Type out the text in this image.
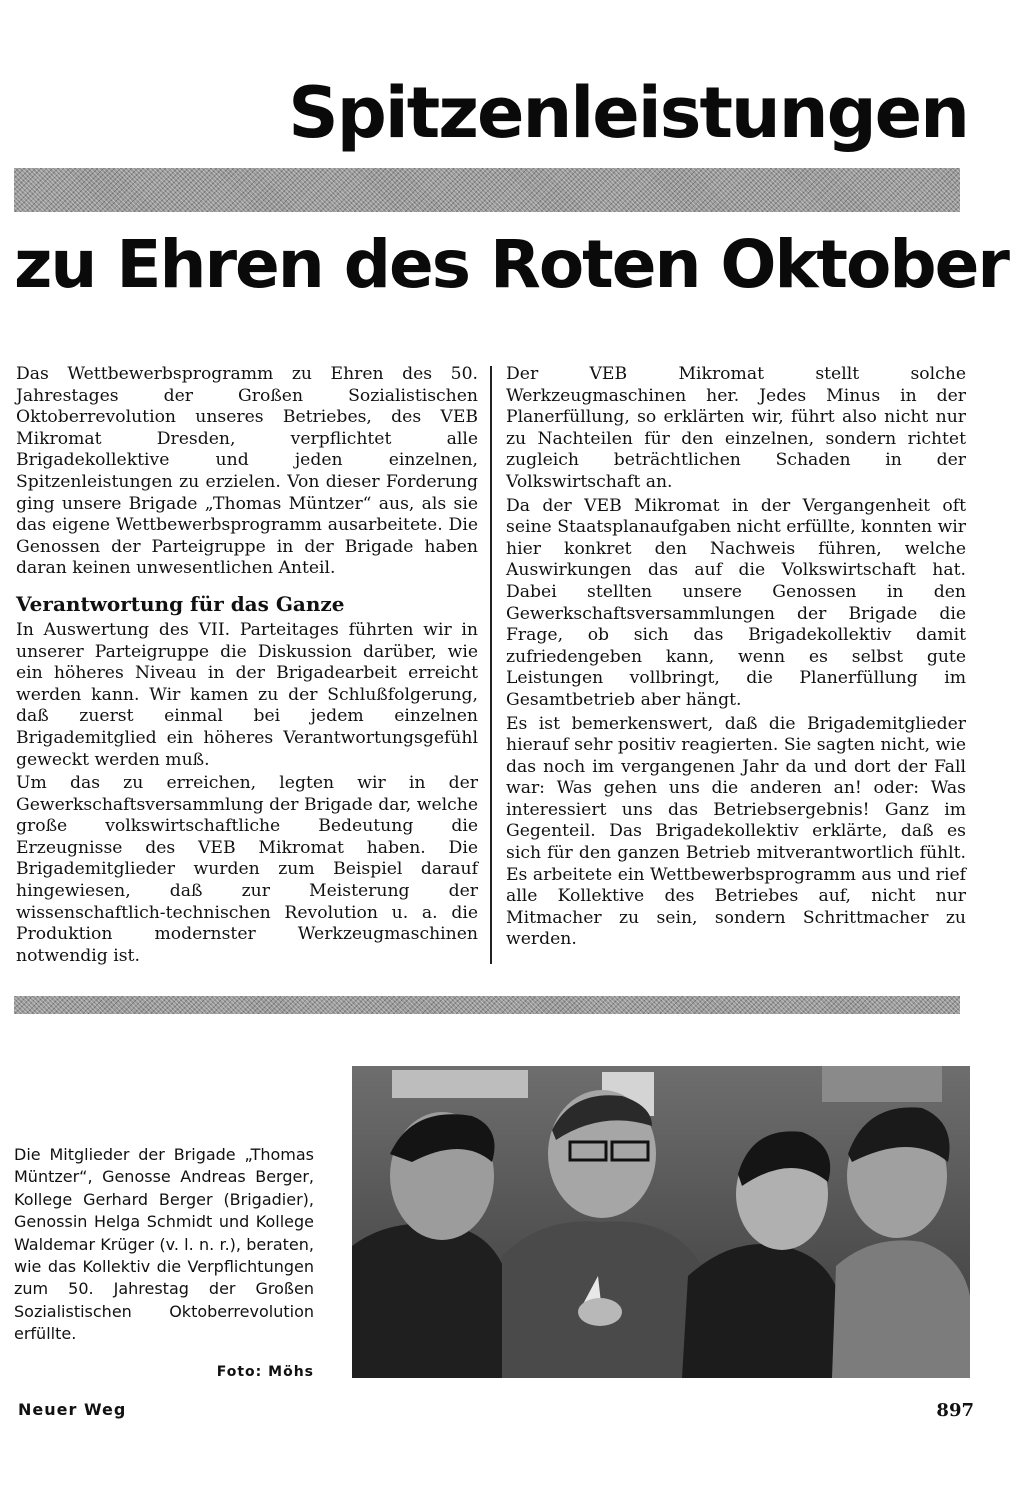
Spitzenleistungen
zu Ehren des Roten Oktober

Das Wettbewerbsprogramm zu Ehren des 50. Jahrestages der Großen Sozialistischen Oktoberrevolution unseres Betriebes, des VEB Mikromat Dresden, verpflichtet alle Brigadekollektive und jeden einzelnen, Spitzenleistungen zu erzielen. Von dieser Forderung ging unsere Brigade „Thomas Müntzer“ aus, als sie das eigene Wettbewerbsprogramm ausarbeitete. Die Genossen der Parteigruppe in der Brigade haben daran keinen unwesentlichen Anteil.

Verantwortung für das Ganze

In Auswertung des VII. Parteitages führten wir in unserer Parteigruppe die Diskussion darüber, wie ein höheres Niveau in der Brigadearbeit erreicht werden kann. Wir kamen zu der Schlußfolgerung, daß zuerst einmal bei jedem einzelnen Brigademitglied ein höheres Verantwortungsgefühl geweckt werden muß.

Um das zu erreichen, legten wir in der Gewerkschaftsversammlung der Brigade dar, welche große volkswirtschaftliche Bedeutung die Erzeugnisse des VEB Mikromat haben. Die Brigademitglieder wurden zum Beispiel darauf hingewiesen, daß zur Meisterung der wissenschaftlich-technischen Revolution u. a. die Produktion modernster Werkzeugmaschinen notwendig ist.

Der VEB Mikromat stellt solche Werkzeugmaschinen her. Jedes Minus in der Planerfüllung, so erklärten wir, führt also nicht nur zu Nachteilen für den einzelnen, sondern richtet zugleich beträchtlichen Schaden in der Volkswirtschaft an.

Da der VEB Mikromat in der Vergangenheit oft seine Staatsplanaufgaben nicht erfüllte, konnten wir hier konkret den Nachweis führen, welche Auswirkungen das auf die Volkswirtschaft hat. Dabei stellten unsere Genossen in den Gewerkschaftsversammlungen der Brigade die Frage, ob sich das Brigadekollektiv damit zufriedengeben kann, wenn es selbst gute Leistungen vollbringt, die Planerfüllung im Gesamtbetrieb aber hängt.

Es ist bemerkenswert, daß die Brigademitglieder hierauf sehr positiv reagierten. Sie sagten nicht, wie das noch im vergangenen Jahr da und dort der Fall war: Was gehen uns die anderen an! oder: Was interessiert uns das Betriebsergebnis! Ganz im Gegenteil. Das Brigadekollektiv erklärte, daß es sich für den ganzen Betrieb mitverantwortlich fühlt. Es arbeitete ein Wettbewerbsprogramm aus und rief alle Kollektive des Betriebes auf, nicht nur Mitmacher zu sein, sondern Schrittmacher zu werden.

Die Mitglieder der Brigade „Thomas Müntzer“, Genosse Andreas Berger, Kollege Gerhard Berger (Brigadier), Genossin Helga Schmidt und Kollege Waldemar Krüger (v. l. n. r.), beraten, wie das Kollektiv die Verpflichtungen zum 50. Jahrestag der Großen Sozialistischen Oktoberrevolution erfüllte.

Foto: Möhs

Neuer Weg	897
